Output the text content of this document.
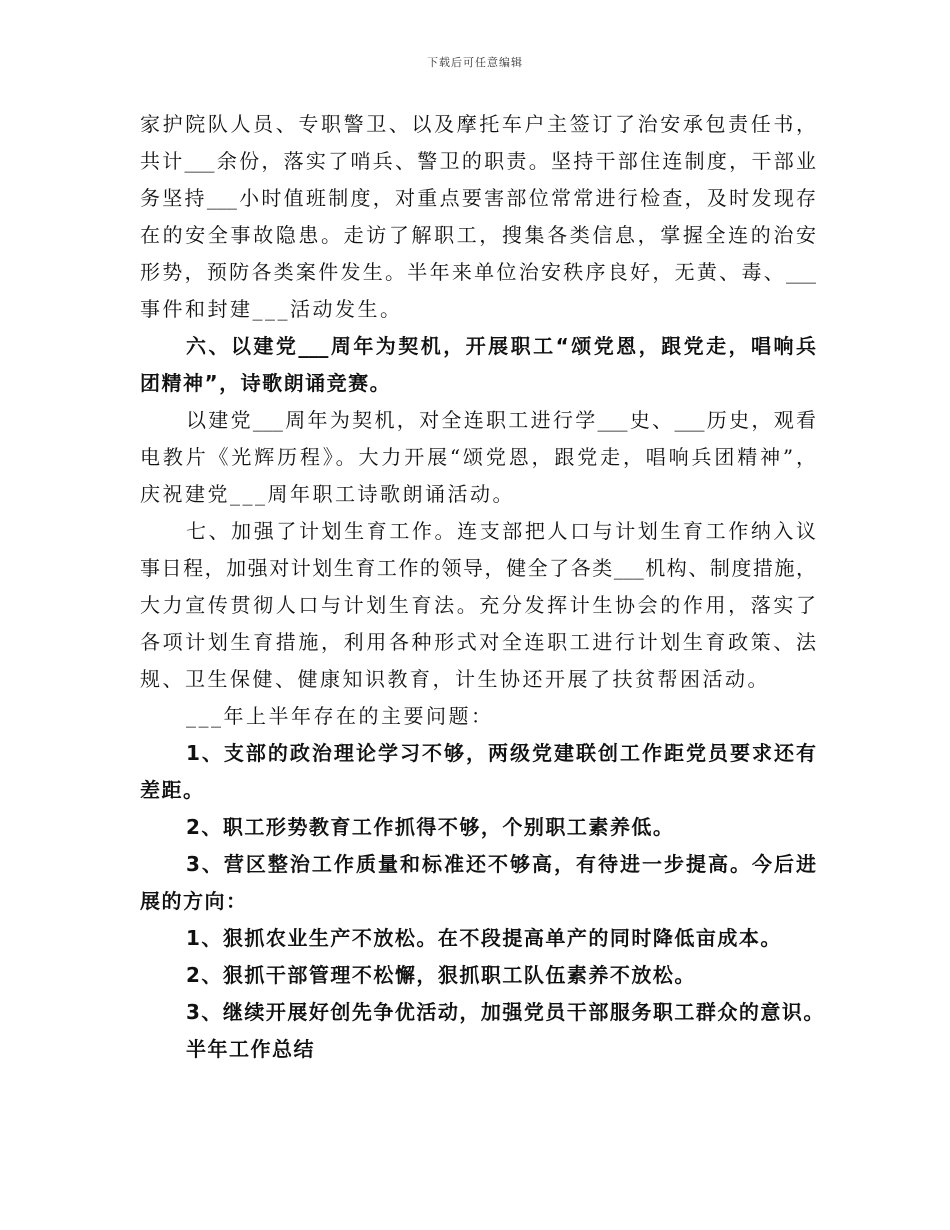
下载后可任意编辑
家护院队人员、专职警卫、以及摩托车户主签订了治安承包责任书，
共计___余份，落实了哨兵、警卫的职责。坚持干部住连制度，干部业
务坚持___小时值班制度，对重点要害部位常常进行检查，及时发现存
在的安全事故隐患。走访了解职工，搜集各类信息，掌握全连的治安
形势，预防各类案件发生。半年来单位治安秩序良好，无黄、毒、___
事件和封建___活动发生。
六、以建党___周年为契机，开展职工“颂党恩，跟党走，唱响兵
团精神”，诗歌朗诵竞赛。
以建党___周年为契机，对全连职工进行学___史、___历史，观看
电教片《光辉历程》。大力开展“颂党恩，跟党走，唱响兵团精神”，
庆祝建党___周年职工诗歌朗诵活动。
七、加强了计划生育工作。连支部把人口与计划生育工作纳入议
事日程，加强对计划生育工作的领导，健全了各类___机构、制度措施，
大力宣传贯彻人口与计划生育法。充分发挥计生协会的作用，落实了
各项计划生育措施，利用各种形式对全连职工进行计划生育政策、法
规、卫生保健、健康知识教育，计生协还开展了扶贫帮困活动。
___年上半年存在的主要问题：
1、支部的政治理论学习不够，两级党建联创工作距党员要求还有
差距。
2、职工形势教育工作抓得不够，个别职工素养低。
3、营区整治工作质量和标准还不够高，有待进一步提高。今后进
展的方向：
1、狠抓农业生产不放松。在不段提高单产的同时降低亩成本。
2、狠抓干部管理不松懈，狠抓职工队伍素养不放松。
3、继续开展好创先争优活动，加强党员干部服务职工群众的意识。
半年工作总结
